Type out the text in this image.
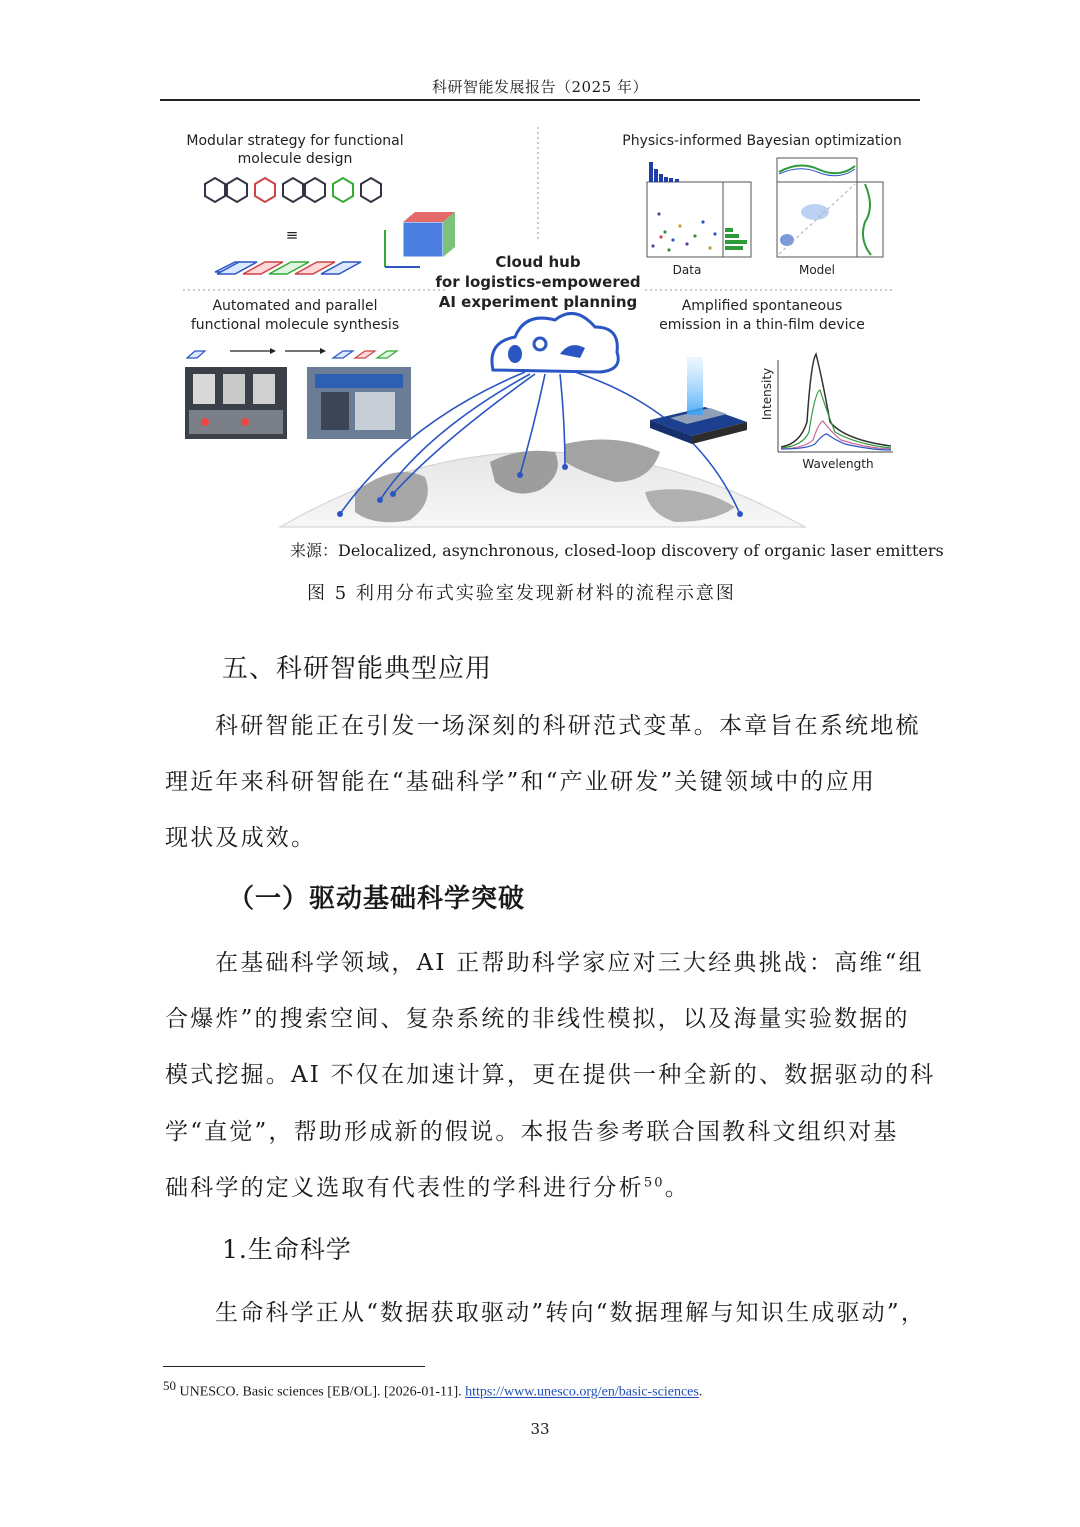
科研智能发展报告（2025 年）
Modular strategy for functional
molecule design
≡
Automated and parallel
functional molecule synthesis
Cloud hub
for logistics-empowered
AI experiment planning
Physics-informed Bayesian optimization
Data	Model
Amplified spontaneous
emission in a thin-film device
Intensity
Wavelength
来源：Delocalized, asynchronous, closed-loop discovery of organic laser emitters
图 5 利用分布式实验室发现新材料的流程示意图
五、科研智能典型应用
科研智能正在引发一场深刻的科研范式变革。本章旨在系统地梳
理近年来科研智能在“基础科学”和“产业研发”关键领域中的应用
现状及成效。
（一）驱动基础科学突破
在基础科学领域，AI 正帮助科学家应对三大经典挑战：高维“组
合爆炸”的搜索空间、复杂系统的非线性模拟，以及海量实验数据的
模式挖掘。AI 不仅在加速计算，更在提供一种全新的、数据驱动的科
学“直觉”，帮助形成新的假说。本报告参考联合国教科文组织对基
础科学的定义选取有代表性的学科进行分析$^{50}$。
1.生命科学
生命科学正从“数据获取驱动”转向“数据理解与知识生成驱动”，
$^{50}$ UNESCO. Basic sciences [EB/OL]. [2026-01-11]. https://www.unesco.org/en/basic-sciences.
33
